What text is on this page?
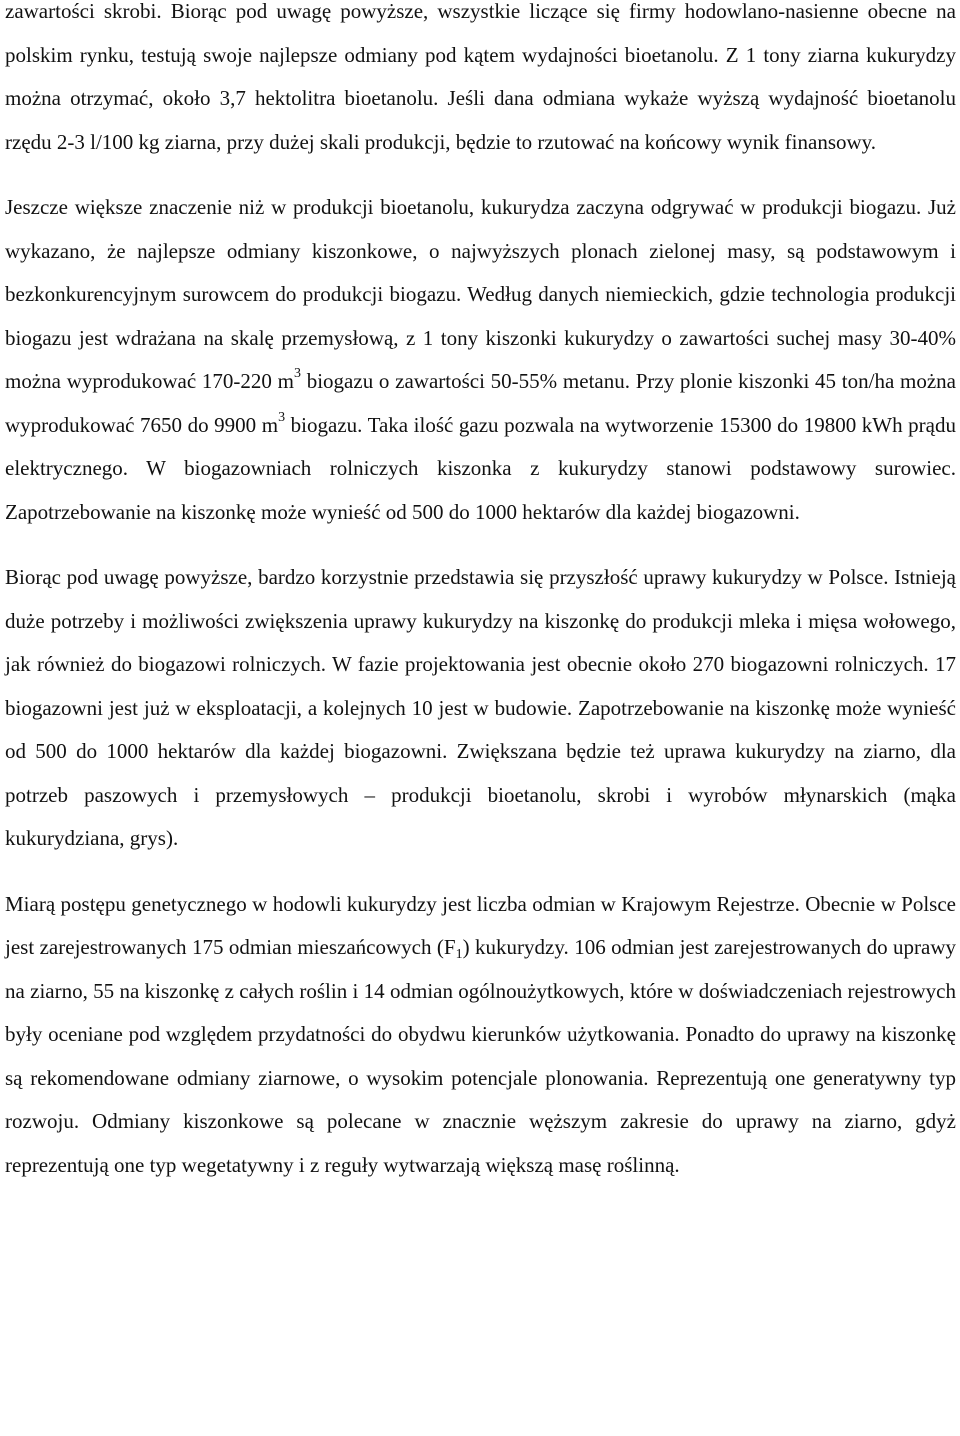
zawartości skrobi. Biorąc pod uwagę powyższe, wszystkie liczące się firmy hodowlano-nasienne obecne na polskim rynku, testują swoje najlepsze odmiany pod kątem wydajności bioetanolu. Z 1 tony ziarna kukurydzy można otrzymać, około 3,7 hektolitra bioetanolu. Jeśli dana odmiana wykaże wyższą wydajność bioetanolu rzędu 2-3 l/100 kg ziarna, przy dużej skali produkcji, będzie to rzutować na końcowy wynik finansowy.

Jeszcze większe znaczenie niż w produkcji bioetanolu, kukurydza zaczyna odgrywać w produkcji biogazu. Już wykazano, że najlepsze odmiany kiszonkowe, o najwyższych plonach zielonej masy, są podstawowym i bezkonkurencyjnym surowcem do produkcji biogazu. Według danych niemieckich, gdzie technologia produkcji biogazu jest wdrażana na skalę przemysłową, z 1 tony kiszonki kukurydzy o zawartości suchej masy 30-40% można wyprodukować 170-220 $m^3$ biogazu o zawartości 50-55% metanu. Przy plonie kiszonki 45 ton/ha można wyprodukować 7650 do 9900 $m^3$ biogazu. Taka ilość gazu pozwala na wytworzenie 15300 do 19800 kWh prądu elektrycznego. W biogazowniach rolniczych kiszonka z kukurydzy stanowi podstawowy surowiec. Zapotrzebowanie na kiszonkę może wynieść od 500 do 1000 hektarów dla każdej biogazowni.

Biorąc pod uwagę powyższe, bardzo korzystnie przedstawia się przyszłość uprawy kukurydzy w Polsce. Istnieją duże potrzeby i możliwości zwiększenia uprawy kukurydzy na kiszonkę do produkcji mleka i mięsa wołowego, jak również do biogazowi rolniczych. W fazie projektowania jest obecnie około 270 biogazowni rolniczych. 17 biogazowni jest już w eksploatacji, a kolejnych 10 jest w budowie. Zapotrzebowanie na kiszonkę może wynieść od 500 do 1000 hektarów dla każdej biogazowni. Zwiększana będzie też uprawa kukurydzy na ziarno, dla potrzeb paszowych i przemysłowych – produkcji bioetanolu, skrobi i wyrobów młynarskich (mąka kukurydziana, grys).

Miarą postępu genetycznego w hodowli kukurydzy jest liczba odmian w Krajowym Rejestrze. Obecnie w Polsce jest zarejestrowanych 175 odmian mieszańcowych $(F_1)$ kukurydzy. 106 odmian jest zarejestrowanych do uprawy na ziarno, 55 na kiszonkę z całych roślin i 14 odmian ogólnoużytkowych, które w doświadczeniach rejestrowych były oceniane pod względem przydatności do obydwu kierunków użytkowania. Ponadto do uprawy na kiszonkę są rekomendowane odmiany ziarnowe, o wysokim potencjale plonowania. Reprezentują one generatywny typ rozwoju. Odmiany kiszonkowe są polecane w znacznie węższym zakresie do uprawy na ziarno, gdyż reprezentują one typ wegetatywny i z reguły wytwarzają większą masę roślinną.
